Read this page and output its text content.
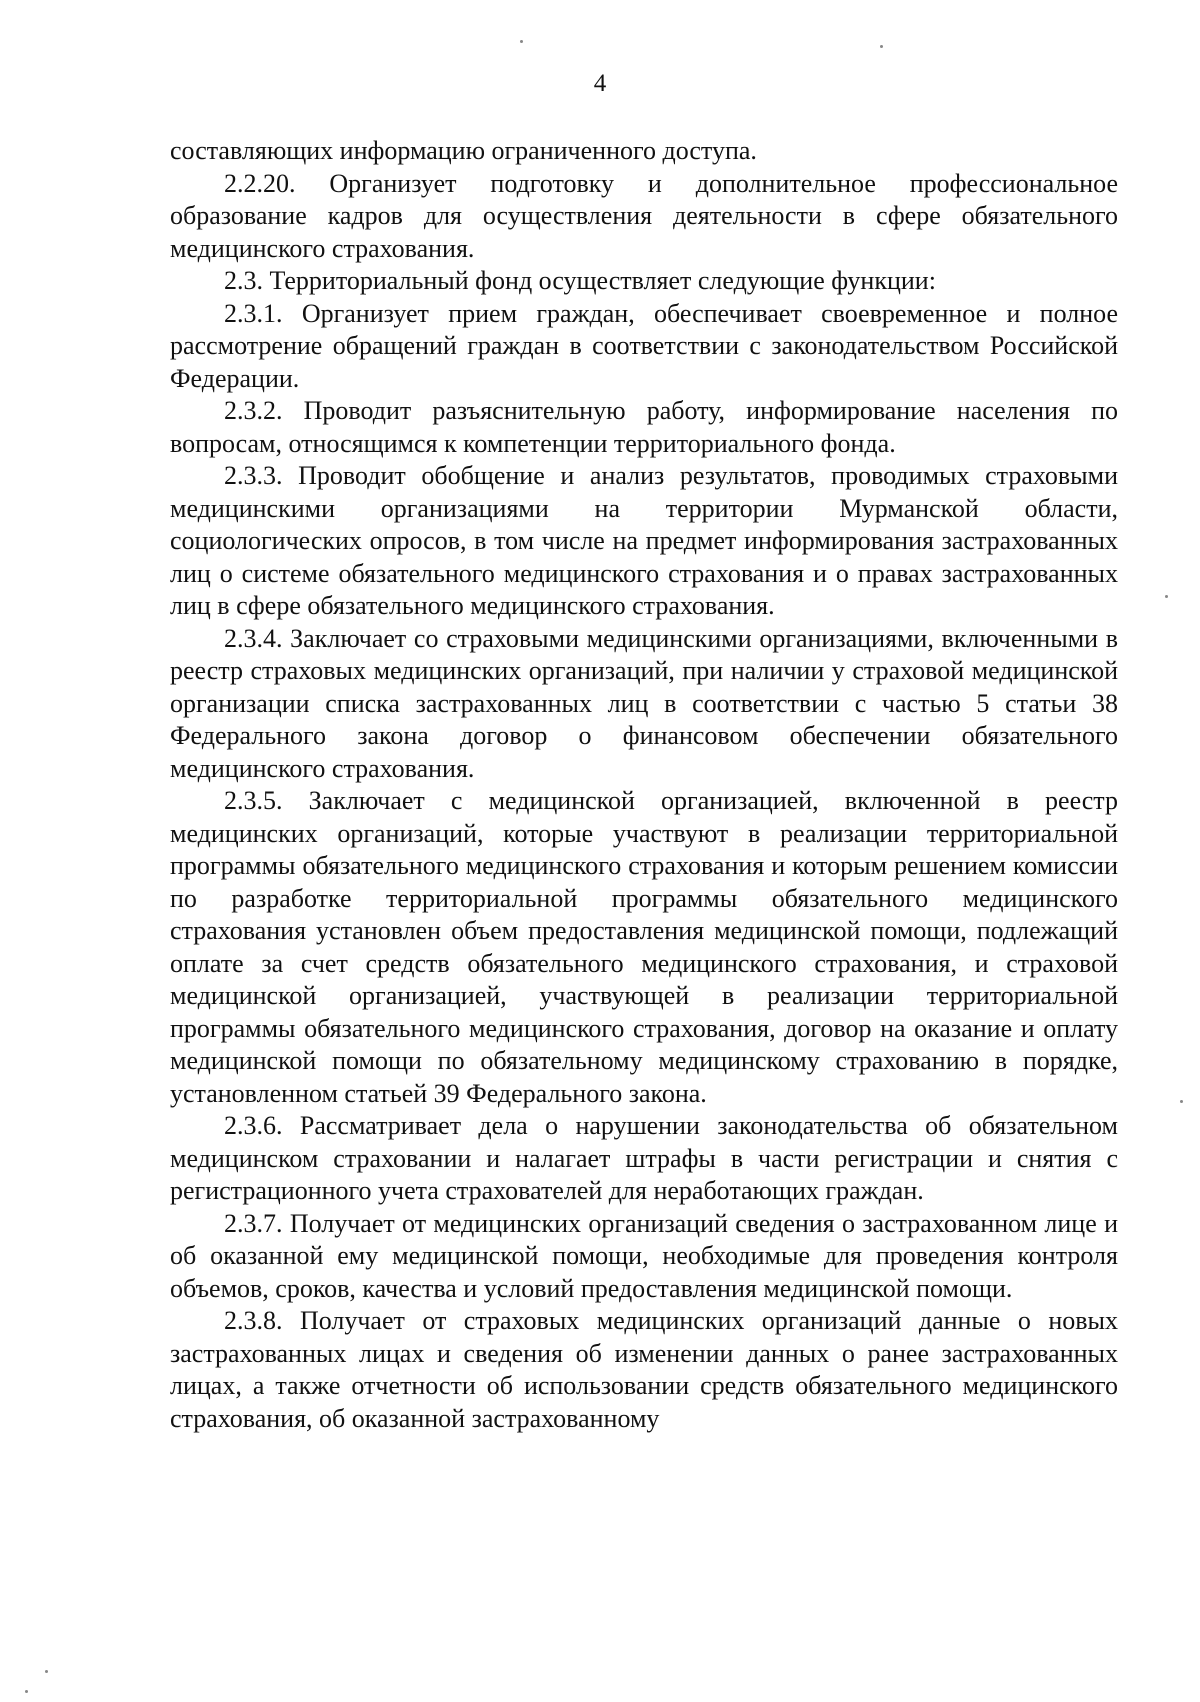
4

составляющих информацию ограниченного доступа.

2.2.20. Организует подготовку и дополнительное профессиональное образование кадров для осуществления деятельности в сфере обязательного медицинского страхования.

2.3. Территориальный фонд осуществляет следующие функции:

2.3.1. Организует прием граждан, обеспечивает своевременное и полное рассмотрение обращений граждан в соответствии с законодательством Российской Федерации.

2.3.2. Проводит разъяснительную работу, информирование населения по вопросам, относящимся к компетенции территориального фонда.

2.3.3. Проводит обобщение и анализ результатов, проводимых страховыми медицинскими организациями на территории Мурманской области, социологических опросов, в том числе на предмет информирования застрахованных лиц о системе обязательного медицинского страхования и о правах застрахованных лиц в сфере обязательного медицинского страхования.

2.3.4. Заключает со страховыми медицинскими организациями, включенными в реестр страховых медицинских организаций, при наличии у страховой медицинской организации списка застрахованных лиц в соответствии с частью 5 статьи 38 Федерального закона договор о финансовом обеспечении обязательного медицинского страхования.

2.3.5. Заключает с медицинской организацией, включенной в реестр медицинских организаций, которые участвуют в реализации территориальной программы обязательного медицинского страхования и которым решением комиссии по разработке территориальной программы обязательного медицинского страхования установлен объем предоставления медицинской помощи, подлежащий оплате за счет средств обязательного медицинского страхования, и страховой медицинской организацией, участвующей в реализации территориальной программы обязательного медицинского страхования, договор на оказание и оплату медицинской помощи по обязательному медицинскому страхованию в порядке, установленном статьей 39 Федерального закона.

2.3.6. Рассматривает дела о нарушении законодательства об обязательном медицинском страховании и налагает штрафы в части регистрации и снятия с регистрационного учета страхователей для неработающих граждан.

2.3.7. Получает от медицинских организаций сведения о застрахованном лице и об оказанной ему медицинской помощи, необходимые для проведения контроля объемов, сроков, качества и условий предоставления медицинской помощи.

2.3.8. Получает от страховых медицинских организаций данные о новых застрахованных лицах и сведения об изменении данных о ранее застрахованных лицах, а также отчетности об использовании средств обязательного медицинского страхования, об оказанной застрахованному
